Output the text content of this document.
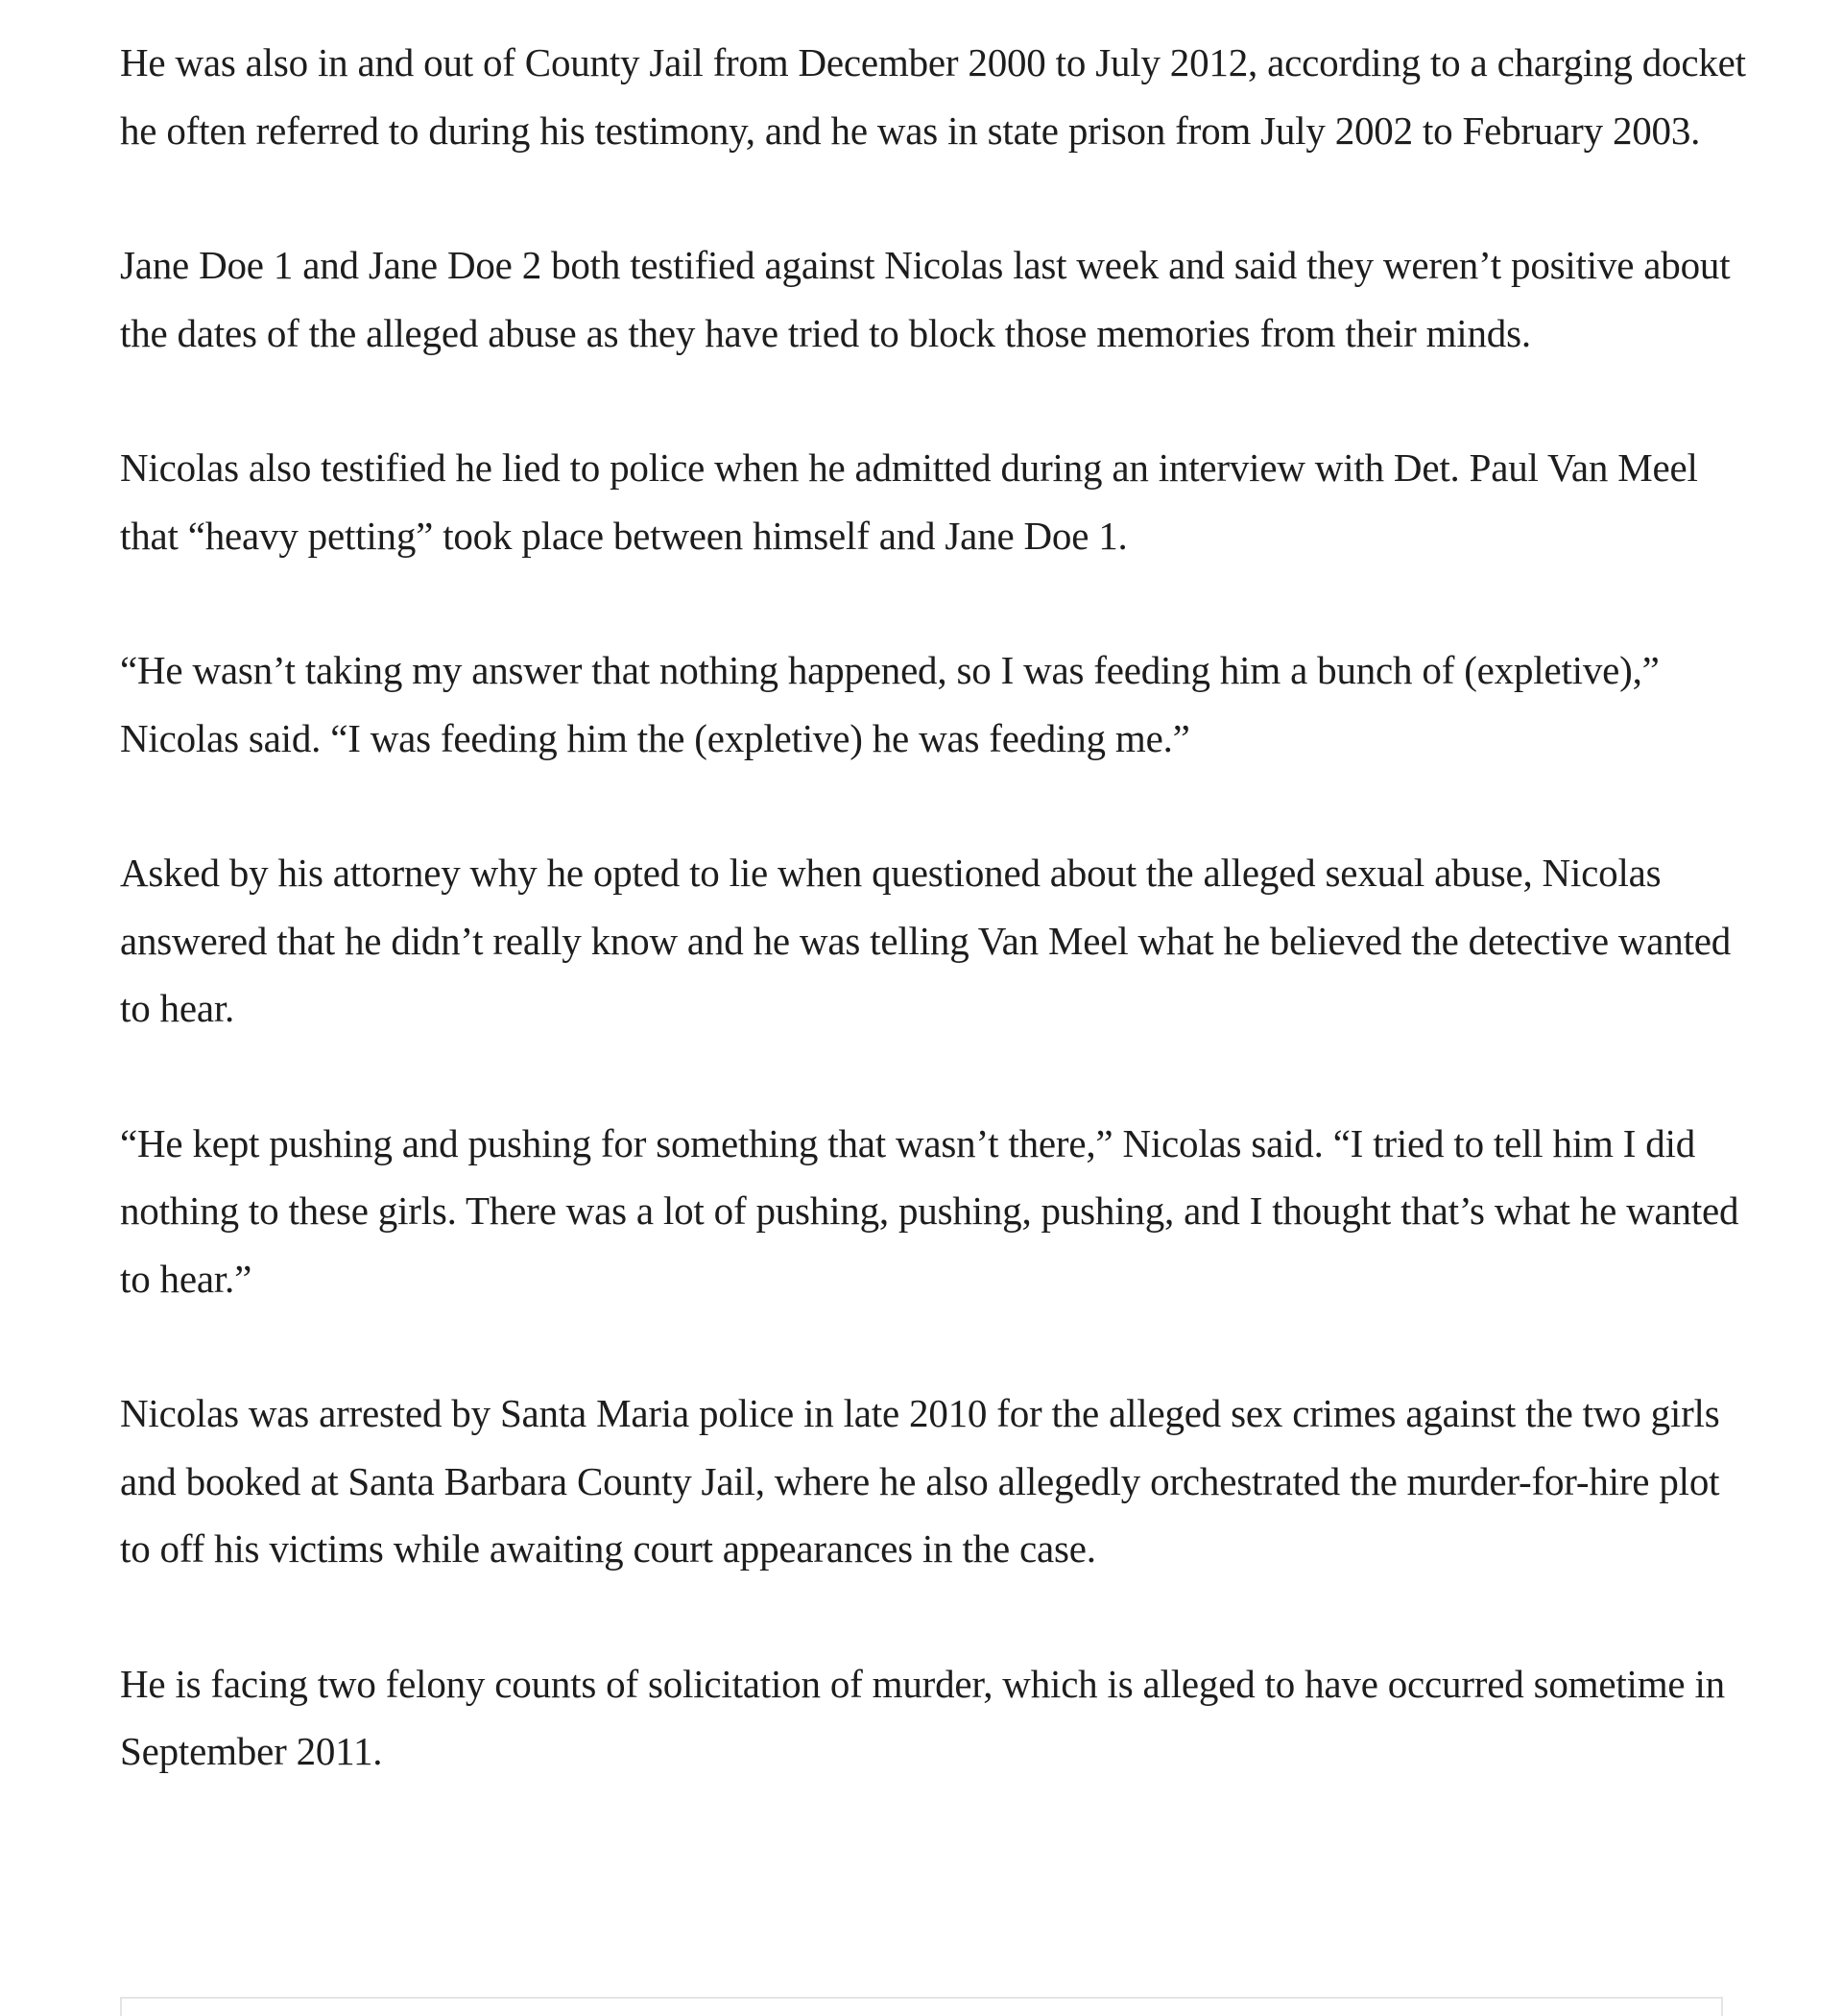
He was also in and out of County Jail from December 2000 to July 2012, according to a charging docket he often referred to during his testimony, and he was in state prison from July 2002 to February 2003.

Jane Doe 1 and Jane Doe 2 both testified against Nicolas last week and said they weren’t positive about the dates of the alleged abuse as they have tried to block those memories from their minds.

Nicolas also testified he lied to police when he admitted during an interview with Det. Paul Van Meel that “heavy petting” took place between himself and Jane Doe 1.

“He wasn’t taking my answer that nothing happened, so I was feeding him a bunch of (expletive),” Nicolas said. “I was feeding him the (expletive) he was feeding me.”

Asked by his attorney why he opted to lie when questioned about the alleged sexual abuse, Nicolas answered that he didn’t really know and he was telling Van Meel what he believed the detective wanted to hear.

“He kept pushing and pushing for something that wasn’t there,” Nicolas said. “I tried to tell him I did nothing to these girls. There was a lot of pushing, pushing, pushing, and I thought that’s what he wanted to hear.”

Nicolas was arrested by Santa Maria police in late 2010 for the alleged sex crimes against the two girls and booked at Santa Barbara County Jail, where he also allegedly orchestrated the murder-for-hire plot to off his victims while awaiting court appearances in the case.

He is facing two felony counts of solicitation of murder, which is alleged to have occurred sometime in September 2011.
